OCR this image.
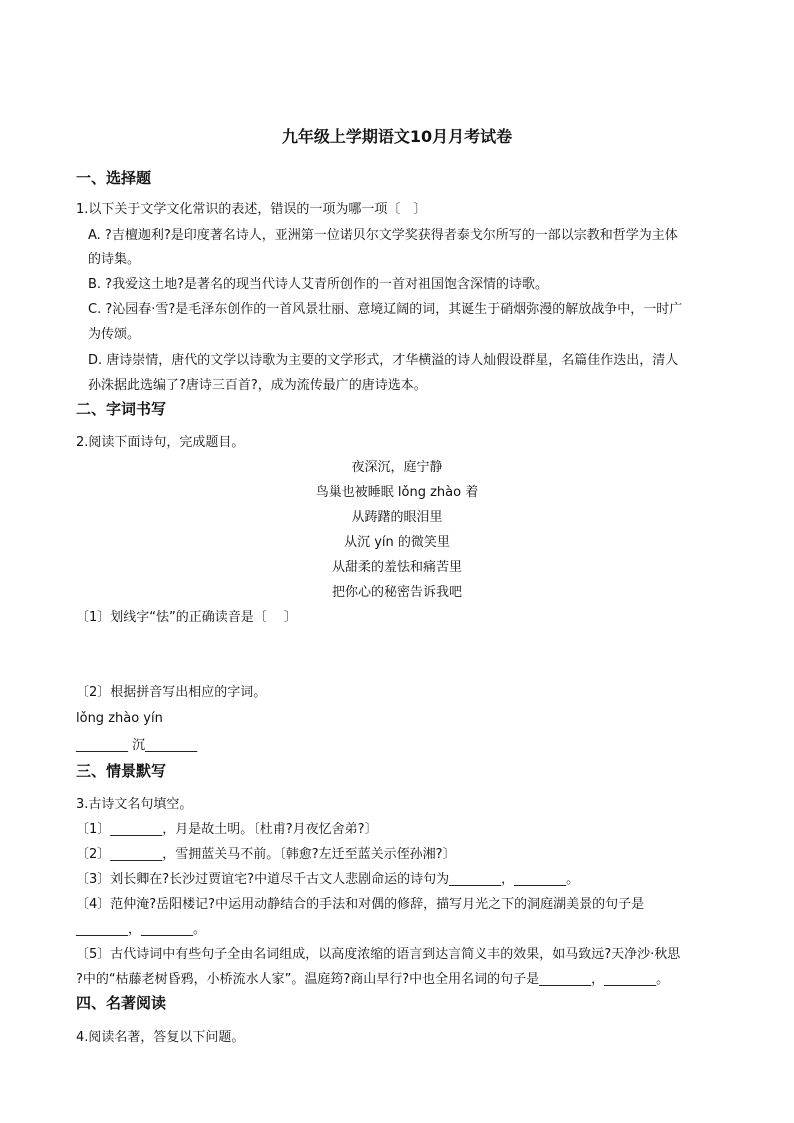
九年级上学期语文10月月考试卷
一、选择题
1.以下关于文学文化常识的表述，错误的一项为哪一项〔　〕
A. ?吉檀迦利?是印度著名诗人，亚洲第一位诺贝尔文学奖获得者泰戈尔所写的一部以宗教和哲学为主体
的诗集。
B. ?我爱这土地?是著名的现当代诗人艾青所创作的一首对祖国饱含深情的诗歌。
C. ?沁园春·雪?是毛泽东创作的一首风景壮丽、意境辽阔的词，其诞生于硝烟弥漫的解放战争中，一时广
为传颂。
D. 唐诗崇情，唐代的文学以诗歌为主要的文学形式，才华横溢的诗人灿假设群星，名篇佳作迭出，清人
孙洙据此选编了?唐诗三百首?，成为流传最广的唐诗选本。
二、字词书写
2.阅读下面诗句，完成题目。
夜深沉，庭宁静
鸟巢也被睡眠 lǒng zhào 着
从踌躇的眼泪里
从沉 yín 的微笑里
从甜柔的羞怯和痛苦里
把你心的秘密告诉我吧
〔1〕划线字“怯”的正确读音是〔　 〕
〔2〕根据拼音写出相应的字词。
lǒng zhào yín
________ 沉________
三、情景默写
3.古诗文名句填空。
〔1〕________，月是故土明。〔杜甫?月夜忆舍弟?〕
〔2〕________，雪拥蓝关马不前。〔韩愈?左迁至蓝关示侄孙湘?〕
〔3〕刘长卿在?长沙过贾谊宅?中道尽千古文人悲剧命运的诗句为________，________。
〔4〕范仲淹?岳阳楼记?中运用动静结合的手法和对偶的修辞，描写月光之下的洞庭湖美景的句子是
________，________。
〔5〕古代诗词中有些句子全由名词组成，以高度浓缩的语言到达言简义丰的效果，如马致远?天净沙·秋思
?中的“枯藤老树昏鸦，小桥流水人家”。温庭筠?商山早行?中也全用名词的句子是________，________。
四、名著阅读
4.阅读名著，答复以下问题。
